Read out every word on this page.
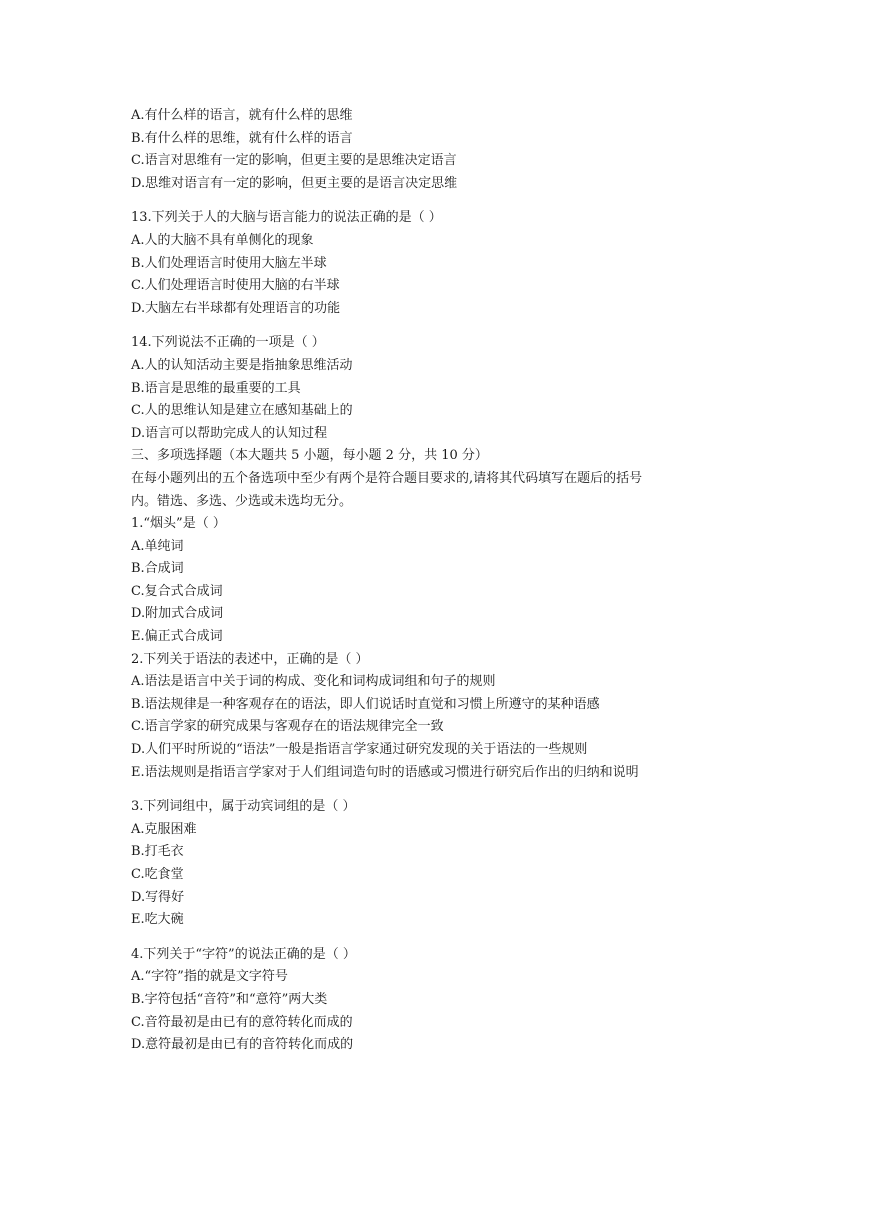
A.有什么样的语言，就有什么样的思维
B.有什么样的思维，就有什么样的语言
C.语言对思维有一定的影响，但更主要的是思维决定语言
D.思维对语言有一定的影响，但更主要的是语言决定思维
13.下列关于人的大脑与语言能力的说法正确的是（ ）
A.人的大脑不具有单侧化的现象
B.人们处理语言时使用大脑左半球
C.人们处理语言时使用大脑的右半球
D.大脑左右半球都有处理语言的功能
14.下列说法不正确的一项是（ ）
A.人的认知活动主要是指抽象思维活动
B.语言是思维的最重要的工具
C.人的思维认知是建立在感知基础上的
D.语言可以帮助完成人的认知过程
三、多项选择题（本大题共 5 小题，每小题 2 分，共 10 分）
在每小题列出的五个备选项中至少有两个是符合题目要求的,请将其代码填写在题后的括号
内。错选、多选、少选或未选均无分。
1.“烟头”是（ ）
A.单纯词
B.合成词
C.复合式合成词
D.附加式合成词
E.偏正式合成词
2.下列关于语法的表述中，正确的是（ ）
A.语法是语言中关于词的构成、变化和词构成词组和句子的规则
B.语法规律是一种客观存在的语法，即人们说话时直觉和习惯上所遵守的某种语感
C.语言学家的研究成果与客观存在的语法规律完全一致
D.人们平时所说的“语法”一般是指语言学家通过研究发现的关于语法的一些规则
E.语法规则是指语言学家对于人们组词造句时的语感或习惯进行研究后作出的归纳和说明
3.下列词组中，属于动宾词组的是（ ）
A.克服困难
B.打毛衣
C.吃食堂
D.写得好
E.吃大碗
4.下列关于“字符”的说法正确的是（ ）
A.“字符”指的就是文字符号
B.字符包括“音符”和“意符”两大类
C.音符最初是由已有的意符转化而成的
D.意符最初是由已有的音符转化而成的
